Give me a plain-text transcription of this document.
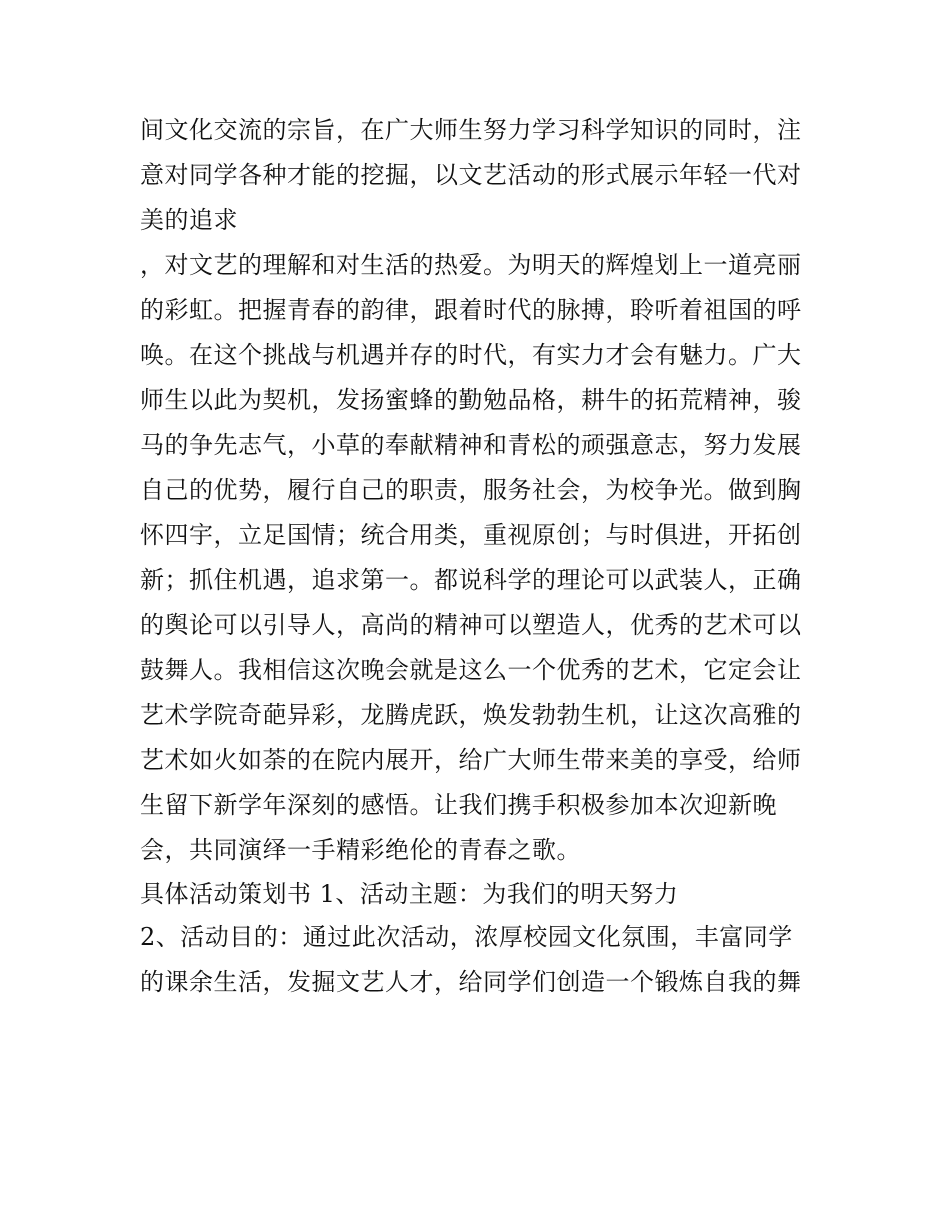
间文化交流的宗旨，在广大师生努力学习科学知识的同时，注
意对同学各种才能的挖掘，以文艺活动的形式展示年轻一代对
美的追求
，对文艺的理解和对生活的热爱。为明天的辉煌划上一道亮丽
的彩虹。把握青春的韵律，跟着时代的脉搏，聆听着祖国的呼
唤。在这个挑战与机遇并存的时代，有实力才会有魅力。广大
师生以此为契机，发扬蜜蜂的勤勉品格，耕牛的拓荒精神，骏
马的争先志气，小草的奉献精神和青松的顽强意志，努力发展
自己的优势，履行自己的职责，服务社会，为校争光。做到胸
怀四宇，立足国情；统合用类，重视原创；与时俱进，开拓创
新；抓住机遇，追求第一。都说科学的理论可以武装人，正确
的舆论可以引导人，高尚的精神可以塑造人，优秀的艺术可以
鼓舞人。我相信这次晚会就是这么一个优秀的艺术，它定会让
艺术学院奇葩异彩，龙腾虎跃，焕发勃勃生机，让这次高雅的
艺术如火如荼的在院内展开，给广大师生带来美的享受，给师
生留下新学年深刻的感悟。让我们携手积极参加本次迎新晚
会，共同演绎一手精彩绝伦的青春之歌。
具体活动策划书 1、活动主题：为我们的明天努力
2、活动目的：通过此次活动，浓厚校园文化氛围，丰富同学
的课余生活，发掘文艺人才，给同学们创造一个锻炼自我的舞
